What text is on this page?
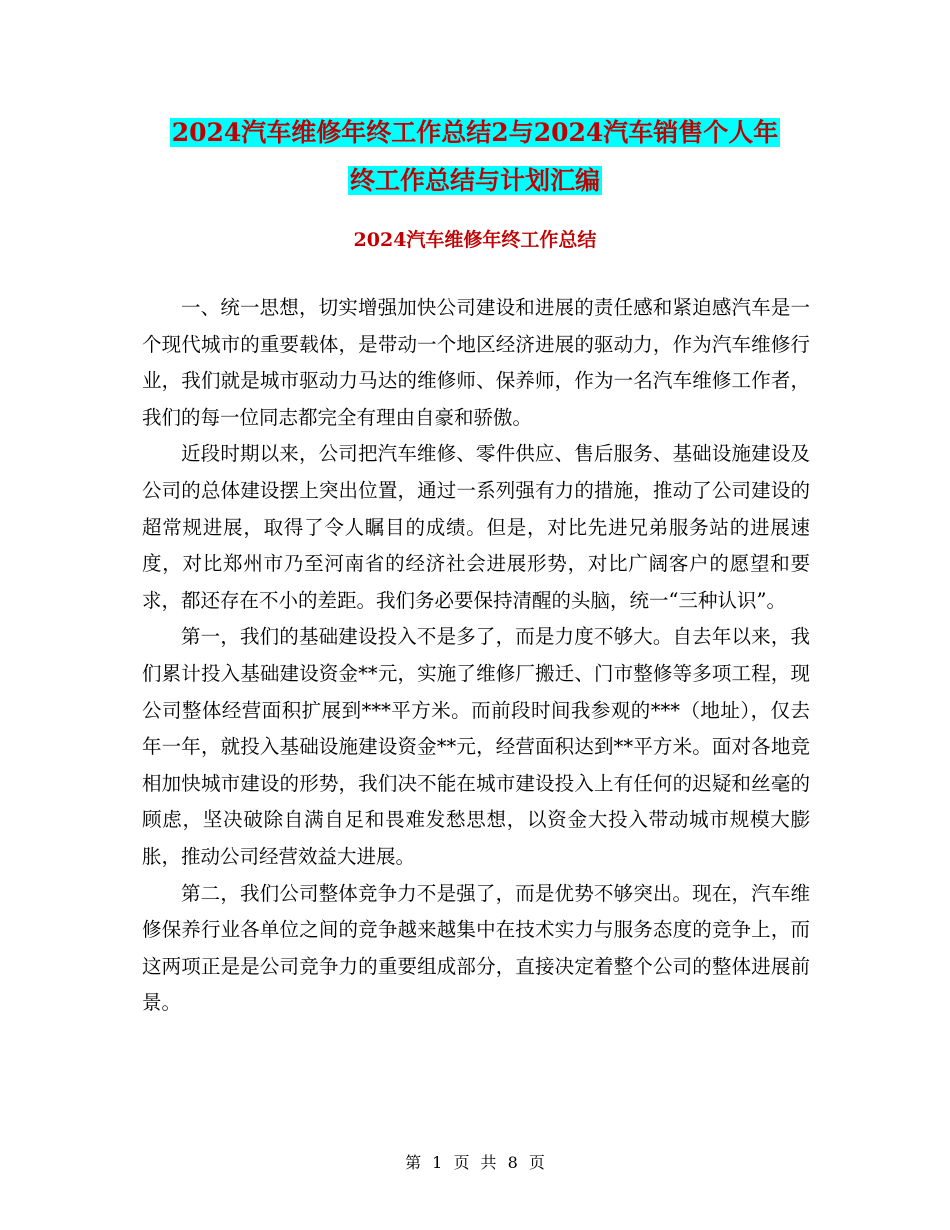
2024汽车维修年终工作总结2与2024汽车销售个人年
终工作总结与计划汇编
2024汽车维修年终工作总结

一、统一思想，切实增强加快公司建设和进展的责任感和紧迫感汽车是一个现代城市的重要载体，是带动一个地区经济进展的驱动力，作为汽车维修行业，我们就是城市驱动力马达的维修师、保养师，作为一名汽车维修工作者，我们的每一位同志都完全有理由自豪和骄傲。

近段时期以来，公司把汽车维修、零件供应、售后服务、基础设施建设及公司的总体建设摆上突出位置，通过一系列强有力的措施，推动了公司建设的超常规进展，取得了令人瞩目的成绩。但是，对比先进兄弟服务站的进展速度，对比郑州市乃至河南省的经济社会进展形势，对比广阔客户的愿望和要求，都还存在不小的差距。我们务必要保持清醒的头脑，统一“三种认识”。

第一，我们的基础建设投入不是多了，而是力度不够大。自去年以来，我们累计投入基础建设资金**元，实施了维修厂搬迁、门市整修等多项工程，现公司整体经营面积扩展到***平方米。而前段时间我参观的***（地址），仅去年一年，就投入基础设施建设资金**元，经营面积达到**平方米。面对各地竞相加快城市建设的形势，我们决不能在城市建设投入上有任何的迟疑和丝毫的顾虑，坚决破除自满自足和畏难发愁思想，以资金大投入带动城市规模大膨胀，推动公司经营效益大进展。

第二，我们公司整体竞争力不是强了，而是优势不够突出。现在，汽车维修保养行业各单位之间的竞争越来越集中在技术实力与服务态度的竞争上，而这两项正是是公司竞争力的重要组成部分，直接决定着整个公司的整体进展前景。

第 1 页 共 8 页
